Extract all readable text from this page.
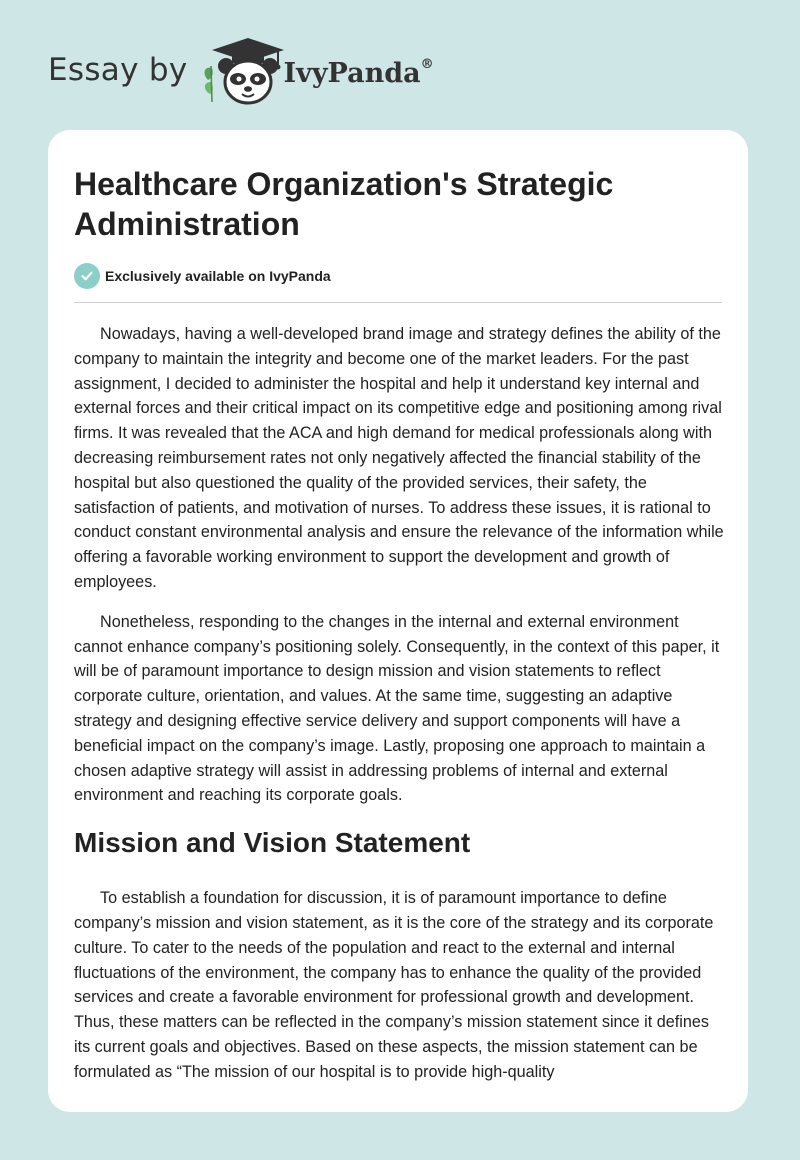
Essay by	IvyPanda®
Healthcare Organization's Strategic Administration
Exclusively available on IvyPanda

Nowadays, having a well-developed brand image and strategy defines the ability of the company to maintain the integrity and become one of the market leaders. For the past assignment, I decided to administer the hospital and help it understand key internal and external forces and their critical impact on its competitive edge and positioning among rival firms. It was revealed that the ACA and high demand for medical professionals along with decreasing reimbursement rates not only negatively affected the financial stability of the hospital but also questioned the quality of the provided services, their safety, the satisfaction of patients, and motivation of nurses. To address these issues, it is rational to conduct constant environmental analysis and ensure the relevance of the information while offering a favorable working environment to support the development and growth of employees.

Nonetheless, responding to the changes in the internal and external environment cannot enhance company’s positioning solely. Consequently, in the context of this paper, it will be of paramount importance to design mission and vision statements to reflect corporate culture, orientation, and values. At the same time, suggesting an adaptive strategy and designing effective service delivery and support components will have a beneficial impact on the company’s image. Lastly, proposing one approach to maintain a chosen adaptive strategy will assist in addressing problems of internal and external environment and reaching its corporate goals.

Mission and Vision Statement

To establish a foundation for discussion, it is of paramount importance to define company’s mission and vision statement, as it is the core of the strategy and its corporate culture. To cater to the needs of the population and react to the external and internal fluctuations of the environment, the company has to enhance the quality of the provided services and create a favorable environment for professional growth and development. Thus, these matters can be reflected in the company’s mission statement since it defines its current goals and objectives. Based on these aspects, the mission statement can be formulated as “The mission of our hospital is to provide high-quality
